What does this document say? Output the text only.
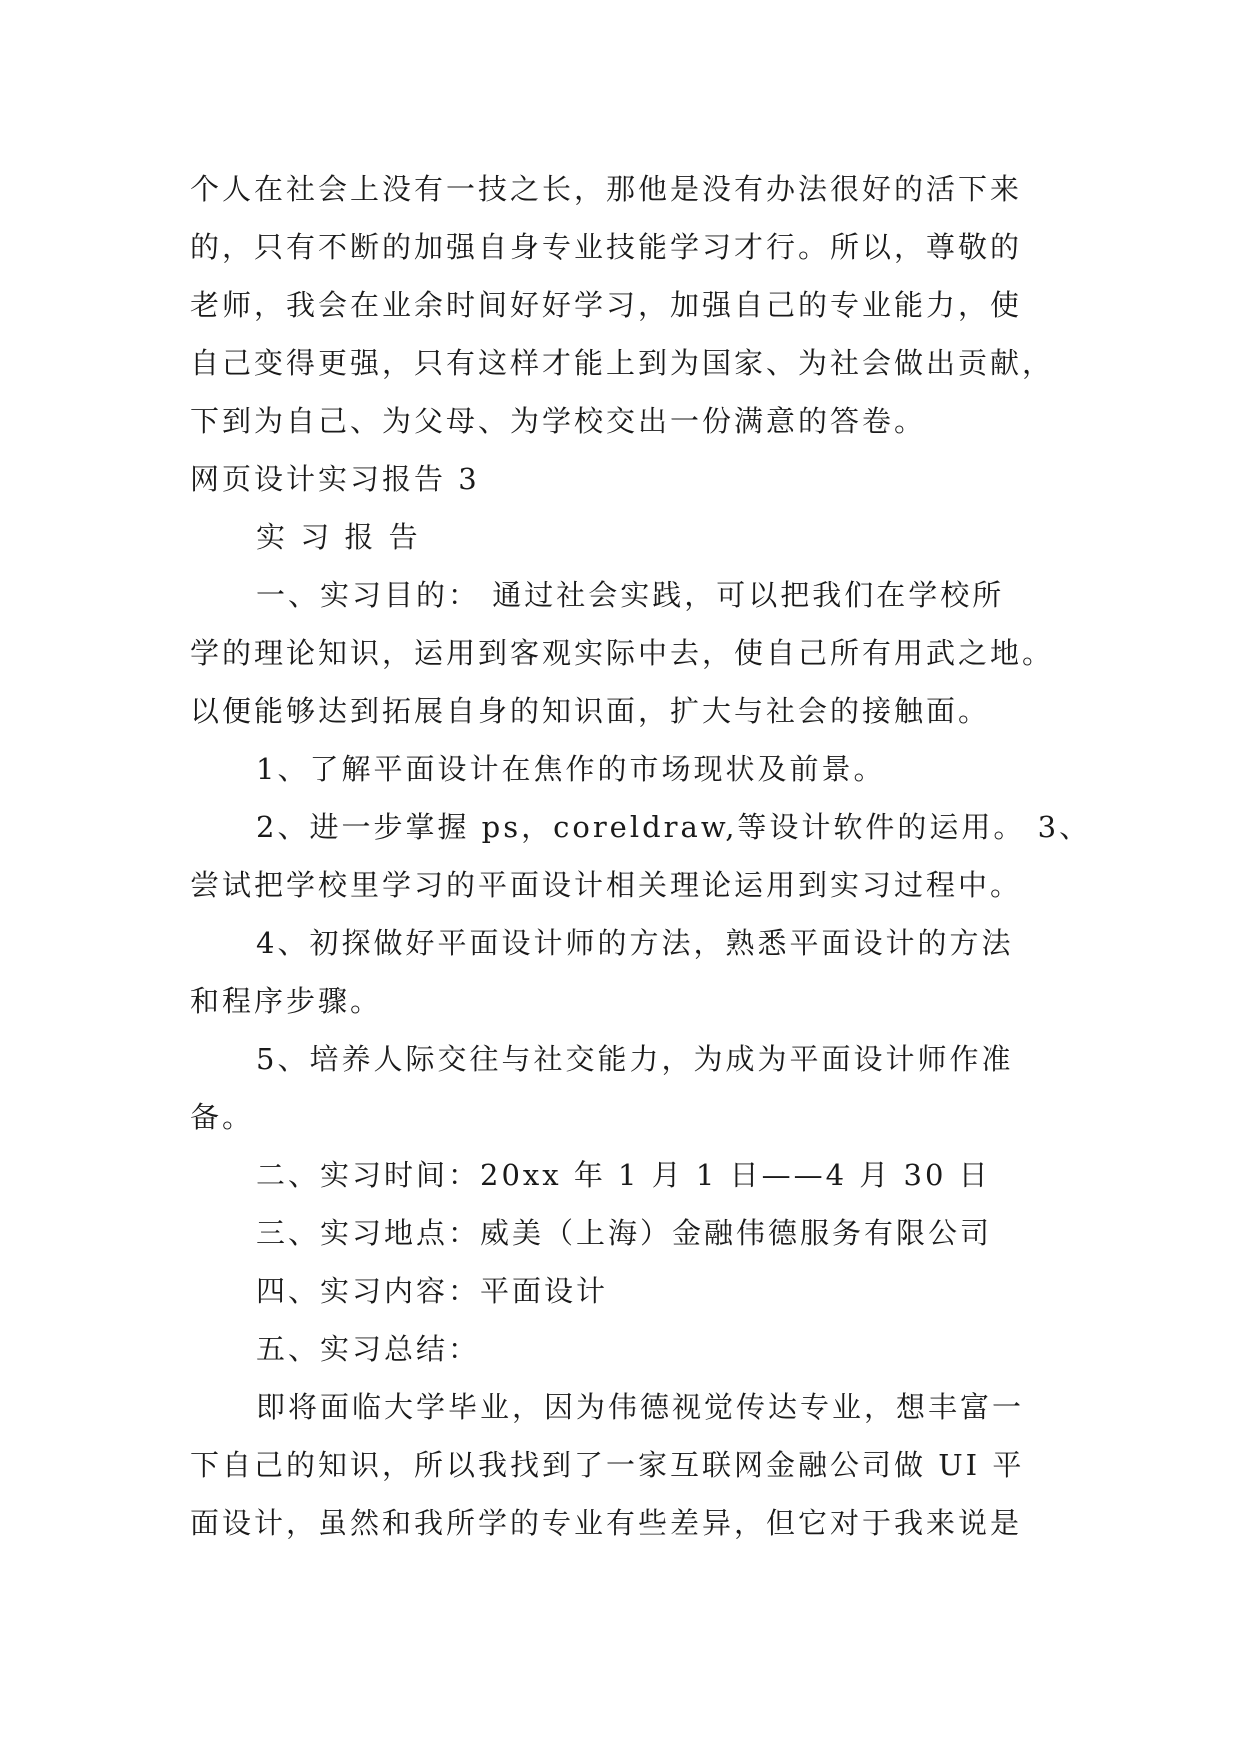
个人在社会上没有一技之长，那他是没有办法很好的活下来
的，只有不断的加强自身专业技能学习才行。所以，尊敬的
老师，我会在业余时间好好学习，加强自己的专业能力，使
自己变得更强，只有这样才能上到为国家、为社会做出贡献，
下到为自己、为父母、为学校交出一份满意的答卷。
网页设计实习报告 3
实 习 报 告
一、实习目的： 通过社会实践，可以把我们在学校所
学的理论知识，运用到客观实际中去，使自己所有用武之地。
以便能够达到拓展自身的知识面，扩大与社会的接触面。
1、了解平面设计在焦作的市场现状及前景。
2、进一步掌握 ps，coreldraw,等设计软件的运用。 3、
尝试把学校里学习的平面设计相关理论运用到实习过程中。
4、初探做好平面设计师的方法，熟悉平面设计的方法
和程序步骤。
5、培养人际交往与社交能力，为成为平面设计师作准
备。
二、实习时间：20xx 年 1 月 1 日——4 月 30 日
三、实习地点：威美（上海）金融伟德服务有限公司
四、实习内容：平面设计
五、实习总结：
即将面临大学毕业，因为伟德视觉传达专业，想丰富一
下自己的知识，所以我找到了一家互联网金融公司做 UI 平
面设计，虽然和我所学的专业有些差异，但它对于我来说是
